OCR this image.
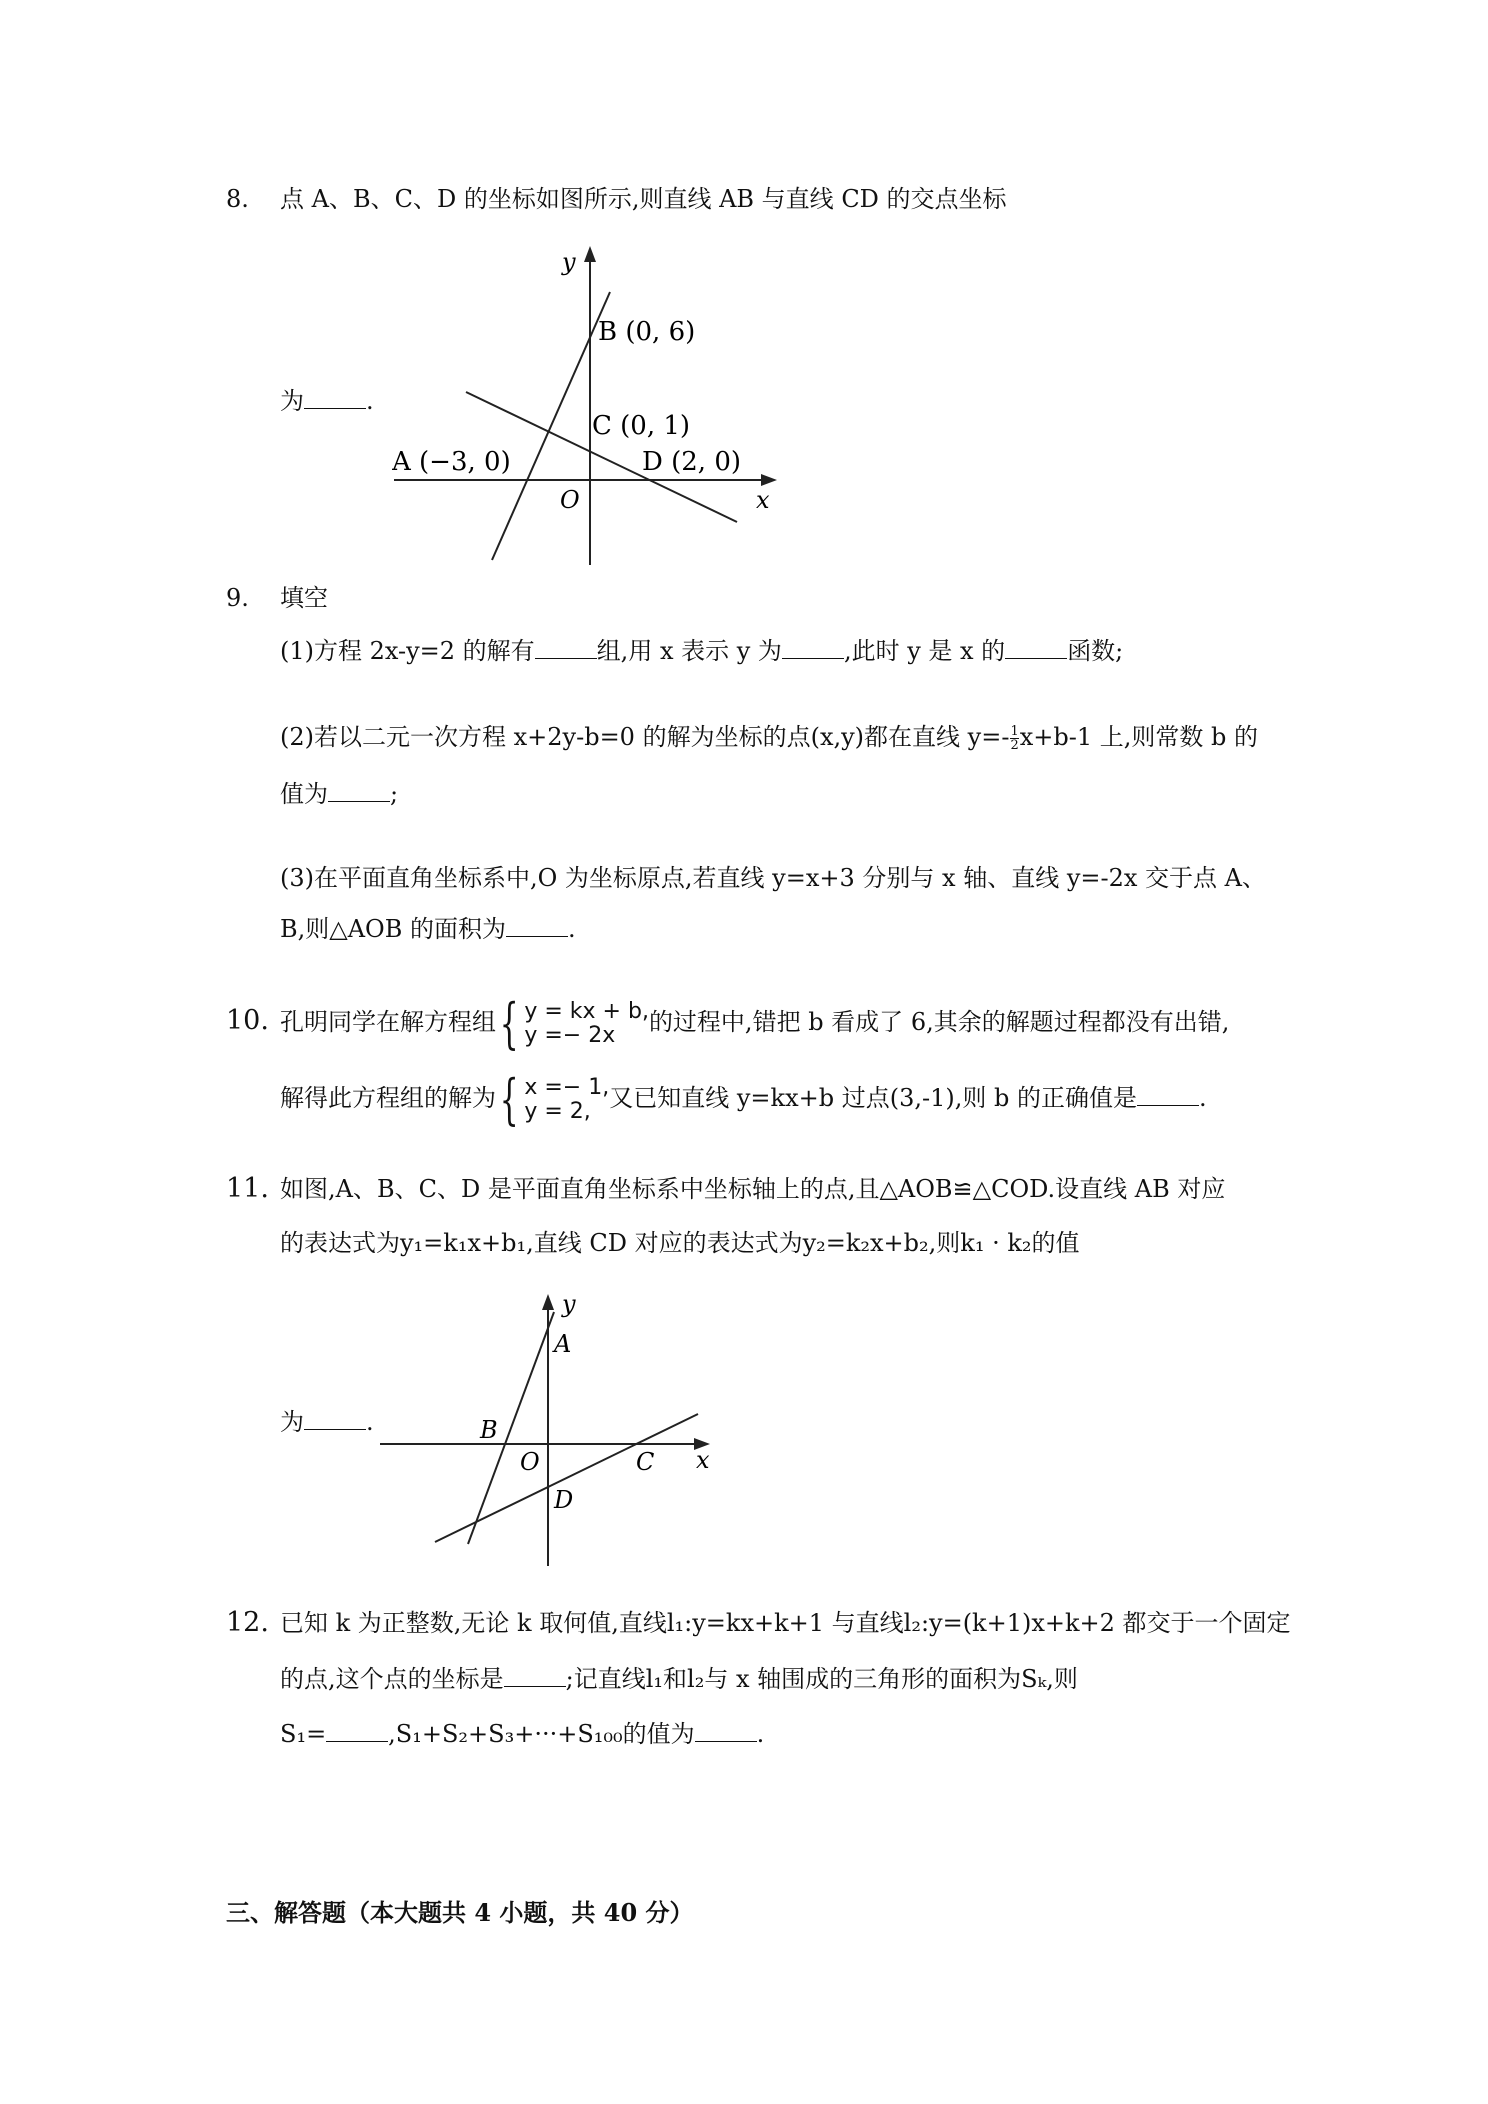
8. 点 A、B、C、D 的坐标如图所示,则直线 AB 与直线 CD 的交点坐标
为	.
y
x
O
B (0, 6)
C (0, 1)
A (−3, 0)	D (2, 0)
9. 填空
(1)方程 2x-y=2 的解有	组,用 x 表示 y 为	,此时 y 是 x 的	函数;
(2)若以二元一次方程 x+2y-b=0 的解为坐标的点(x,y)都在直线 $y=- \frac{1}{2} x+b-1$ 上,则常数 b 的
值为	;
(3)在平面直角坐标系中,O 为坐标原点,若直线 y=x+3 分别与 x 轴、直线 y=-2x 交于点 A、
B,则△AOB 的面积为	.
10. 孔明同学在解方程组{ y = kx + b,
y =− 2x	的过程中,错把 b 看成了 6,其余的解题过程都没有出错,
解得此方程组的解为{ x =− 1,
y = 2, 又已知直线 y=kx+b 过点(3,-1),则 b 的正确值是	.
11. 如图,A、B、C、D 是平面直角坐标系中坐标轴上的点,且△AOB≌△COD.设直线 AB 对应
的表达式为y₁=k₁x+b₁,直线 CD 对应的表达式为y₂=k₂x+b₂,则k₁ · k₂的值
为	.
y
x
A
B
O	C
D
12. 已知 k 为正整数,无论 k 取何值,直线l₁:y=kx+k+1 与直线l₂:y=(k+1)x+k+2 都交于一个固定
的点,这个点的坐标是	;记直线l₁和l₂与 x 轴围成的三角形的面积为Sₖ,则
S₁=	,S₁+S₂+S₃+···+S₁₀₀的值为	.
三、解答题（本大题共 4 小题，共 40 分）
